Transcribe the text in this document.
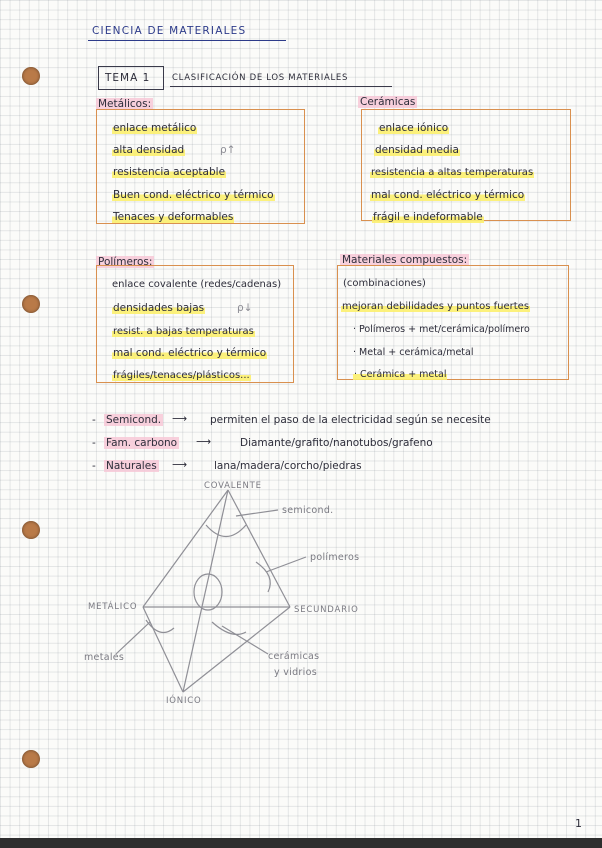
CIENCIA DE MATERIALES
TEMA 1	CLASIFICACIÓN DE LOS MATERIALES
Metálicos:
enlace metálico
alta densidad	ρ↑
resistencia aceptable
Buen cond. eléctrico y térmico
Tenaces y deformables
Cerámicas
enlace iónico
densidad media
resistencia a altas temperaturas
mal cond. eléctrico y térmico
frágil e indeformable
Polímeros:
enlace covalente (redes/cadenas)
densidades bajas	ρ↓
resist. a bajas temperaturas
mal cond. eléctrico y térmico
frágiles/tenaces/plásticos...
Materiales compuestos:
(combinaciones)
mejoran debilidades y puntos fuertes
· Polímeros + met/cerámica/polímero
· Metal + cerámica/metal
· Cerámica + metal
- Semicond. ⟶ permiten el paso de la electricidad según se necesite
- Fam. carbono ⟶	Diamante/grafito/nanotubos/grafeno
- Naturales ⟶	lana/madera/corcho/piedras
COVALENTE
METÁLICO	SECUNDARIO
IÓNICO
semicond.
polímeros
metales	cerámicas
y vidrios
1
